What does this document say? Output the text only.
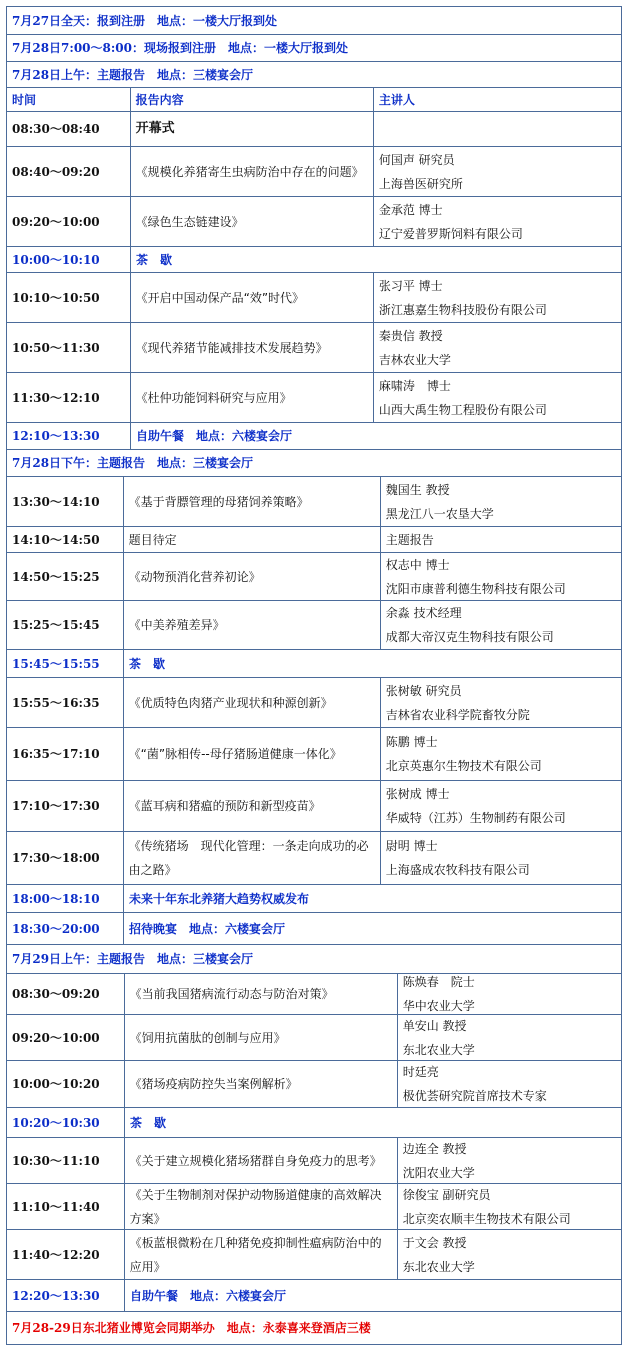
7月27日全天：报到注册　地点：一楼大厅报到处
7月28日7:00～8:00：现场报到注册　地点：一楼大厅报到处
7月28日上午：主题报告　地点：三楼宴会厅
时间	报告内容	主讲人
08:30～08:40	开幕式
08:40～09:20	《规模化养猪寄生虫病防治中存在的问题》
何国声 研究员
上海兽医研究所
09:20～10:00	《绿色生态链建设》
金承范 博士
辽宁爱普罗斯饲料有限公司
10:00～10:10	茶　歇
10:10～10:50	《开启中国动保产品“效”时代》
张习平 博士
浙江惠嘉生物科技股份有限公司
10:50～11:30	《现代养猪节能减排技术发展趋势》
秦贵信 教授
吉林农业大学
11:30～12:10	《杜仲功能饲料研究与应用》
麻啸涛　博士
山西大禹生物工程股份有限公司
12:10～13:30	自助午餐　地点：六楼宴会厅
7月28日下午：主题报告　地点：三楼宴会厅
13:30～14:10	《基于背膘管理的母猪饲养策略》
魏国生 教授
黑龙江八一农垦大学
14:10～14:50	题目待定	主题报告
14:50～15:25	《动物预消化营养初论》
权志中 博士
沈阳市康普利德生物科技有限公司
15:25～15:45	《中美养殖差异》
余淼 技术经理
成都大帝汉克生物科技有限公司
15:45～15:55	茶　歇
15:55～16:35	《优质特色肉猪产业现状和种源创新》
张树敏 研究员
吉林省农业科学院畜牧分院
16:35～17:10	《“菌”脉相传--母仔猪肠道健康一体化》
陈鹏 博士
北京英惠尔生物技术有限公司
17:10～17:30	《蓝耳病和猪瘟的预防和新型疫苗》
张树成 博士
华威特（江苏）生物制药有限公司
17:30～18:00
《传统猪场　现代化管理：一条走向成功的必由之路》
尉明 博士
上海盛成农牧科技有限公司
18:00～18:10	未来十年东北养猪大趋势权威发布
18:30～20:00	招待晚宴　地点：六楼宴会厅
7月29日上午：主题报告　地点：三楼宴会厅
08:30～09:20	《当前我国猪病流行动态与防治对策》
陈焕春　院士
华中农业大学
09:20～10:00	《饲用抗菌肽的创制与应用》
单安山 教授
东北农业大学
10:00～10:20	《猪场疫病防控失当案例解析》
时廷亮
极优荟研究院首席技术专家
10:20～10:30	茶　歇
10:30～11:10	《关于建立规模化猪场猪群自身免疫力的思考》
边连全 教授
沈阳农业大学
11:10～11:40
《关于生物制剂对保护动物肠道健康的高效解决方案》
徐俊宝 副研究员
北京奕农顺丰生物技术有限公司
11:40～12:20
《板蓝根微粉在几种猪免疫抑制性瘟病防治中的应用》
于文会 教授
东北农业大学
12:20～13:30	自助午餐　地点：六楼宴会厅
7月28-29日东北猪业博览会同期举办　地点：永泰喜来登酒店三楼
